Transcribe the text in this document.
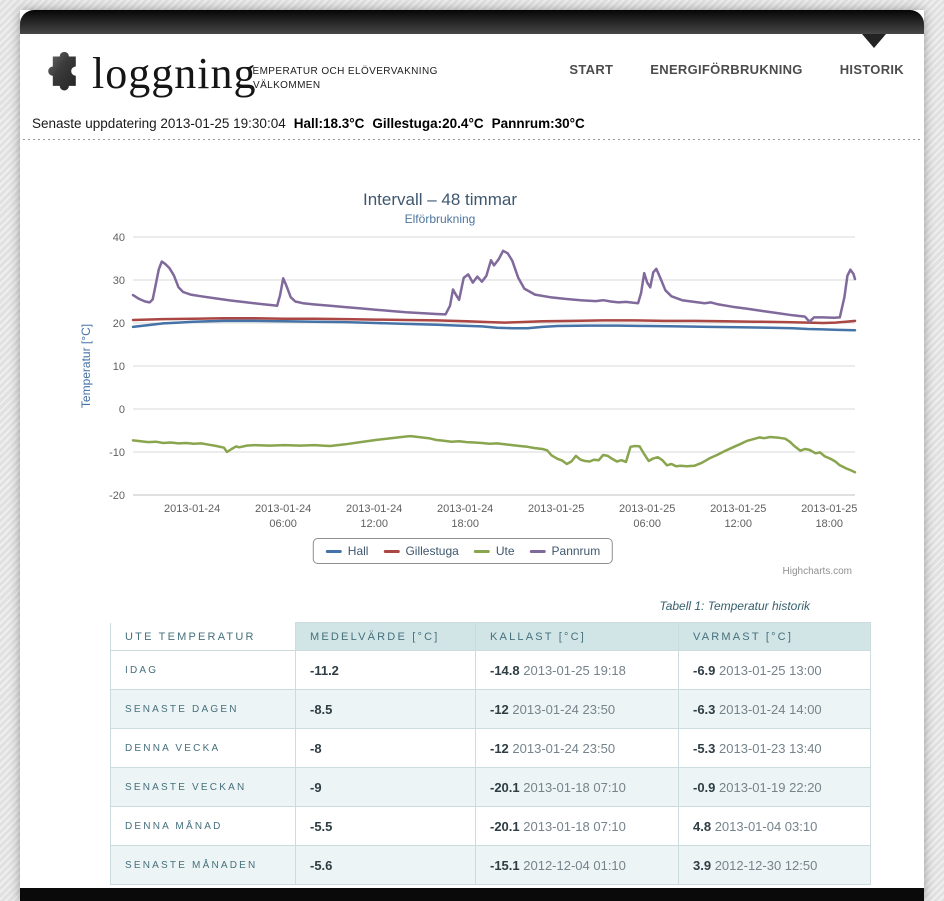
loggning
TEMPERATUR OCH ELÖVERVAKNING
VÄLKOMMEN
START	ENERGIFÖRBRUKNING	HISTORIK
Senaste uppdatering 2013-01-25 19:30:04 Hall:18.3°C Gillestuga:20.4°C Pannrum:30°C
Intervall – 48 timmar
Elförbrukning
-20
-10
0
10
20
30
40
2013-01-24	2013-01-24 06:00
2013-01-24 12:00
2013-01-24 18:00
2013-01-25	2013-01-25 06:00
2013-01-25 12:00
2013-01-25 18:00
Temperatur [°C]
Hall	Gillestuga	Ute	Pannrum
Highcharts.com
Tabell 1: Temperatur historik
UTE TEMPERATUR	MEDELVÄRDE [°C]	KALLAST [°C]	VARMAST [°C]
IDAG	-11.2	-14.8 2013-01-25 19:18	-6.9 2013-01-25 13:00
SENASTE DAGEN	-8.5	-12 2013-01-24 23:50	-6.3 2013-01-24 14:00
DENNA VECKA	-8	-12 2013-01-24 23:50	-5.3 2013-01-23 13:40
SENASTE VECKAN	-9	-20.1 2013-01-18 07:10	-0.9 2013-01-19 22:20
DENNA MÅNAD	-5.5	-20.1 2013-01-18 07:10	4.8 2013-01-04 03:10
SENASTE MÅNADEN	-5.6	-15.1 2012-12-04 01:10	3.9 2012-12-30 12:50
